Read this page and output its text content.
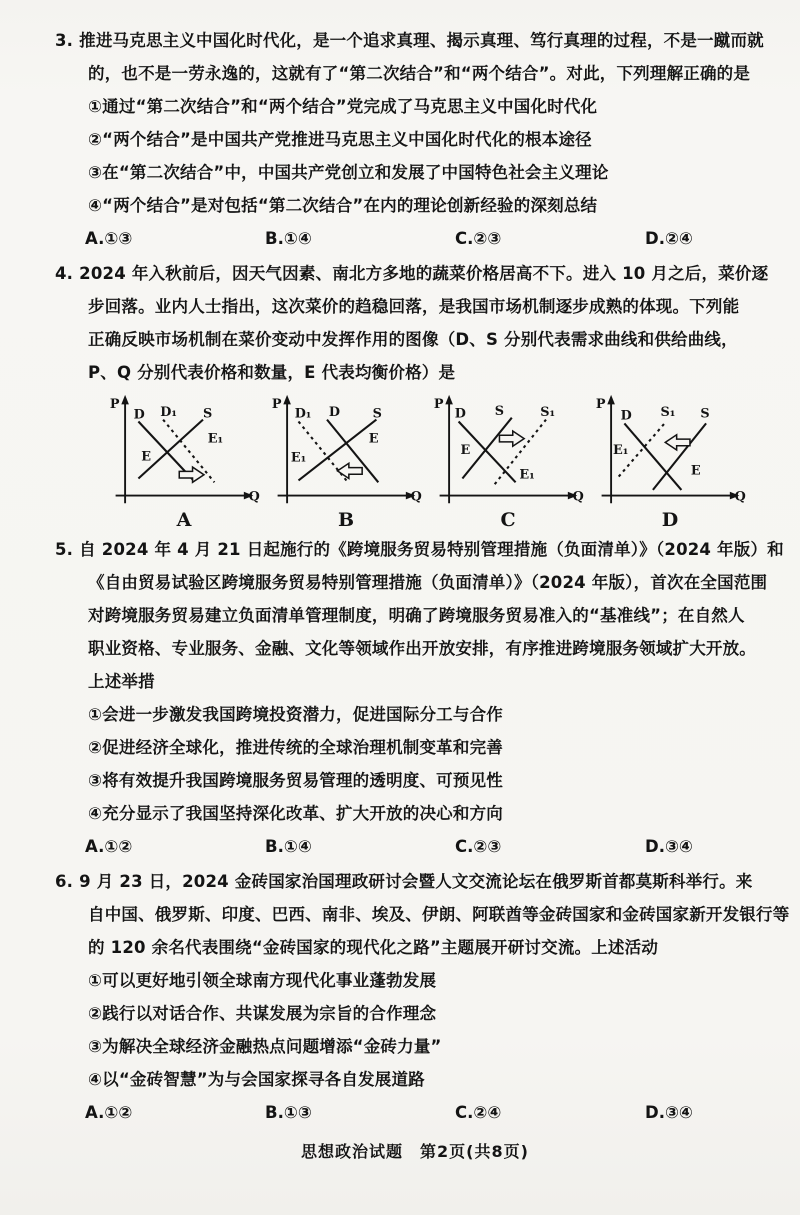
3. 推进马克思主义中国化时代化，是一个追求真理、揭示真理、笃行真理的过程，不是一蹴而就
的，也不是一劳永逸的，这就有了“第二次结合”和“两个结合”。对此，下列理解正确的是
①通过“第二次结合”和“两个结合”党完成了马克思主义中国化时代化
②“两个结合”是中国共产党推进马克思主义中国化时代化的根本途径
③在“第二次结合”中，中国共产党创立和发展了中国特色社会主义理论
④“两个结合”是对包括“第二次结合”在内的理论创新经验的深刻总结
A.①③	B.①④	C.②③	D.②④
4. 2024 年入秋前后，因天气因素、南北方多地的蔬菜价格居高不下。进入 10 月之后，菜价逐
步回落。业内人士指出，这次菜价的趋稳回落，是我国市场机制逐步成熟的体现。下列能
正确反映市场机制在菜价变动中发挥作用的图像（D、S 分别代表需求曲线和供给曲线，
P、Q 分别代表价格和数量，E 代表均衡价格）是
P
Q
D D₁ S
E
E₁
A
P
Q
D₁ D S
E
E₁
B
P
Q
D S	S₁
E
E₁
C
P
Q
D S₁ S
E
E₁
D
5. 自 2024 年 4 月 21 日起施行的《跨境服务贸易特别管理措施（负面清单）》（2024 年版）和
《自由贸易试验区跨境服务贸易特别管理措施（负面清单）》（2024 年版），首次在全国范围
对跨境服务贸易建立负面清单管理制度，明确了跨境服务贸易准入的“基准线”；在自然人
职业资格、专业服务、金融、文化等领域作出开放安排，有序推进跨境服务领域扩大开放。
上述举措
①会进一步激发我国跨境投资潜力，促进国际分工与合作
②促进经济全球化，推进传统的全球治理机制变革和完善
③将有效提升我国跨境服务贸易管理的透明度、可预见性
④充分显示了我国坚持深化改革、扩大开放的决心和方向
A.①②	B.①④	C.②③	D.③④
6. 9 月 23 日，2024 金砖国家治国理政研讨会暨人文交流论坛在俄罗斯首都莫斯科举行。来
自中国、俄罗斯、印度、巴西、南非、埃及、伊朗、阿联酋等金砖国家和金砖国家新开发银行等
的 120 余名代表围绕“金砖国家的现代化之路”主题展开研讨交流。上述活动
①可以更好地引领全球南方现代化事业蓬勃发展
②践行以对话合作、共谋发展为宗旨的合作理念
③为解决全球经济金融热点问题增添“金砖力量”
④以“金砖智慧”为与会国家探寻各自发展道路
A.①②	B.①③	C.②④	D.③④
思想政治试题　第2页(共8页)
